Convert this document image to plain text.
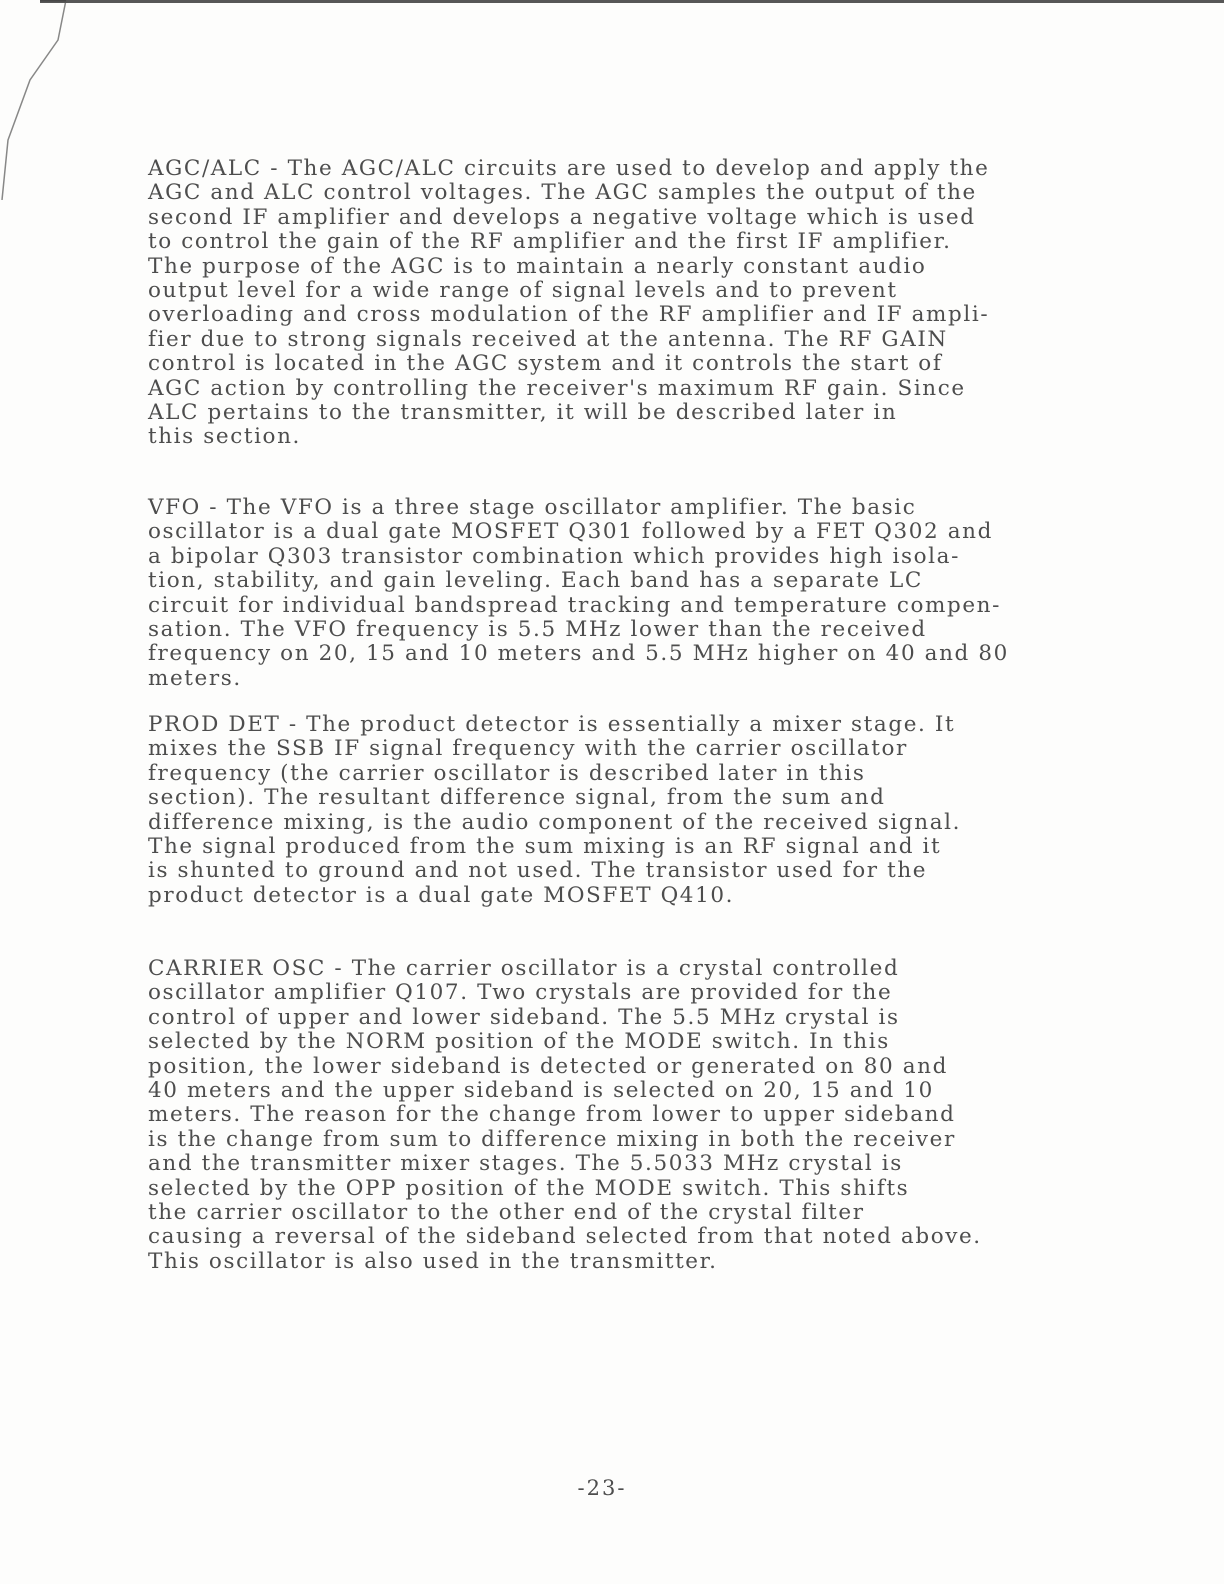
AGC/ALC - The AGC/ALC circuits are used to develop and apply the
AGC and ALC control voltages. The AGC samples the output of the
second IF amplifier and develops a negative voltage which is used
to control the gain of the RF amplifier and the first IF amplifier.
The purpose of the AGC is to maintain a nearly constant audio
output level for a wide range of signal levels and to prevent
overloading and cross modulation of the RF amplifier and IF ampli-
fier due to strong signals received at the antenna. The RF GAIN
control is located in the AGC system and it controls the start of
AGC action by controlling the receiver's maximum RF gain. Since
ALC pertains to the transmitter, it will be described later in
this section.

VFO - The VFO is a three stage oscillator amplifier. The basic
oscillator is a dual gate MOSFET Q301 followed by a FET Q302 and
a bipolar Q303 transistor combination which provides high isola-
tion, stability, and gain leveling. Each band has a separate LC
circuit for individual bandspread tracking and temperature compen-
sation. The VFO frequency is 5.5 MHz lower than the received
frequency on 20, 15 and 10 meters and 5.5 MHz higher on 40 and 80
meters.

PROD DET - The product detector is essentially a mixer stage. It
mixes the SSB IF signal frequency with the carrier oscillator
frequency (the carrier oscillator is described later in this
section). The resultant difference signal, from the sum and
difference mixing, is the audio component of the received signal.
The signal produced from the sum mixing is an RF signal and it
is shunted to ground and not used. The transistor used for the
product detector is a dual gate MOSFET Q410.

CARRIER OSC - The carrier oscillator is a crystal controlled
oscillator amplifier Q107. Two crystals are provided for the
control of upper and lower sideband. The 5.5 MHz crystal is
selected by the NORM position of the MODE switch. In this
position, the lower sideband is detected or generated on 80 and
40 meters and the upper sideband is selected on 20, 15 and 10
meters. The reason for the change from lower to upper sideband
is the change from sum to difference mixing in both the receiver
and the transmitter mixer stages. The 5.5033 MHz crystal is
selected by the OPP position of the MODE switch. This shifts
the carrier oscillator to the other end of the crystal filter
causing a reversal of the sideband selected from that noted above.
This oscillator is also used in the transmitter.

-23-
